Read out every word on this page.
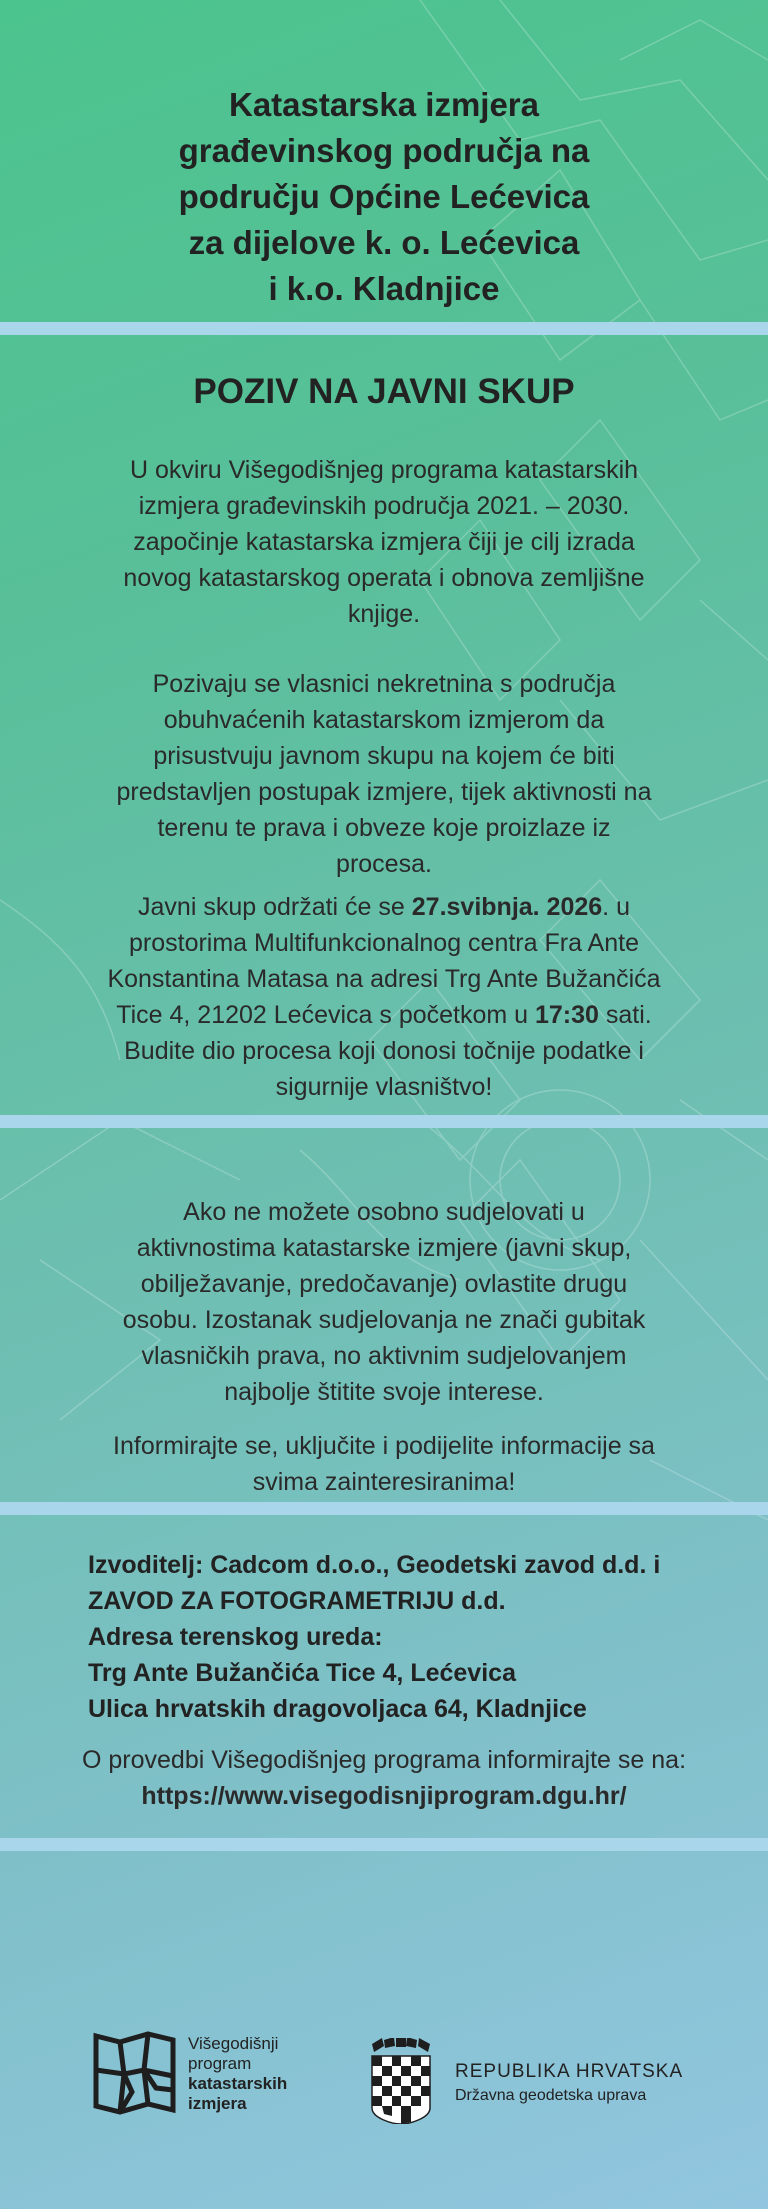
Katastarska izmjera
građevinskog područja na
području Općine Lećevica
za dijelove k. o. Lećevica
i k.o. Kladnjice
POZIV NA JAVNI SKUP
U okviru Višegodišnjeg programa katastarskih
izmjera građevinskih područja 2021. – 2030.
započinje katastarska izmjera čiji je cilj izrada
novog katastarskog operata i obnova zemljišne
knjige.
Pozivaju se vlasnici nekretnina s područja
obuhvaćenih katastarskom izmjerom da
prisustvuju javnom skupu na kojem će biti
predstavljen postupak izmjere, tijek aktivnosti na
terenu te prava i obveze koje proizlaze iz
procesa.
Javni skup održati će se 27.svibnja. 2026. u
prostorima Multifunkcionalnog centra Fra Ante
Konstantina Matasa na adresi Trg Ante Bužančića
Tice 4, 21202 Lećevica s početkom u 17:30 sati.
Budite dio procesa koji donosi točnije podatke i
sigurnije vlasništvo!
Ako ne možete osobno sudjelovati u
aktivnostima katastarske izmjere (javni skup,
obilježavanje, predočavanje) ovlastite drugu
osobu. Izostanak sudjelovanja ne znači gubitak
vlasničkih prava, no aktivnim sudjelovanjem
najbolje štitite svoje interese.
Informirajte se, uključite i podijelite informacije sa
svima zainteresiranima!
Izvoditelj: Cadcom d.o.o., Geodetski zavod d.d. i
ZAVOD ZA FOTOGRAMETRIJU d.d.
Adresa terenskog ureda:
Trg Ante Bužančića Tice 4, Lećevica
Ulica hrvatskih dragovoljaca 64, Kladnjice
O provedbi Višegodišnjeg programa informirajte se na:
https://www.visegodisnjiprogram.dgu.hr/
Višegodišnji
program
katastarskih
izmjera
REPUBLIKA HRVATSKA
Državna geodetska uprava
